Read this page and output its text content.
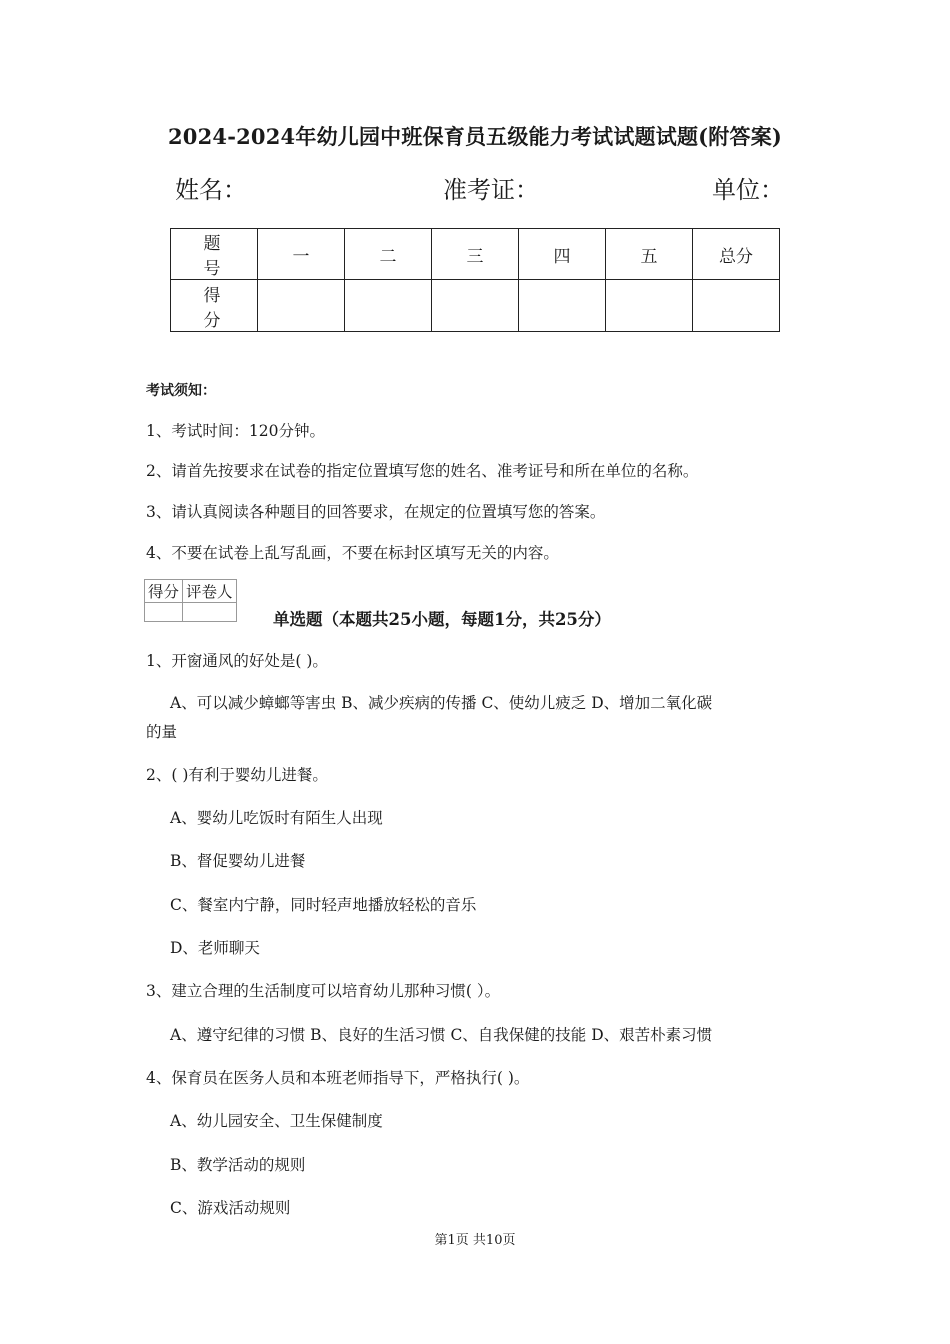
2024-2024年幼儿园中班保育员五级能力考试试题试题(附答案)
姓名：	准考证：	单位：
题 号	一	二	三	四	五	总分
得 分						
考试须知：
1、考试时间：120分钟。
2、请首先按要求在试卷的指定位置填写您的姓名、准考证号和所在单位的名称。
3、请认真阅读各种题目的回答要求，在规定的位置填写您的答案。
4、不要在试卷上乱写乱画，不要在标封区填写无关的内容。
得分	评卷人

单选题（本题共25小题，每题1分，共25分）
1、开窗通风的好处是( )。
A、可以减少蟑螂等害虫 B、减少疾病的传播 C、使幼儿疲乏 D、增加二氧化碳
的量
2、( )有利于婴幼儿进餐。
A、婴幼儿吃饭时有陌生人出现
B、督促婴幼儿进餐
C、餐室内宁静，同时轻声地播放轻松的音乐
D、老师聊天
3、建立合理的生活制度可以培育幼儿那种习惯( ）。
A、遵守纪律的习惯 B、良好的生活习惯 C、自我保健的技能 D、艰苦朴素习惯
4、保育员在医务人员和本班老师指导下，严格执行( )。
A、幼儿园安全、卫生保健制度
B、教学活动的规则
C、游戏活动规则
第1页 共10页
